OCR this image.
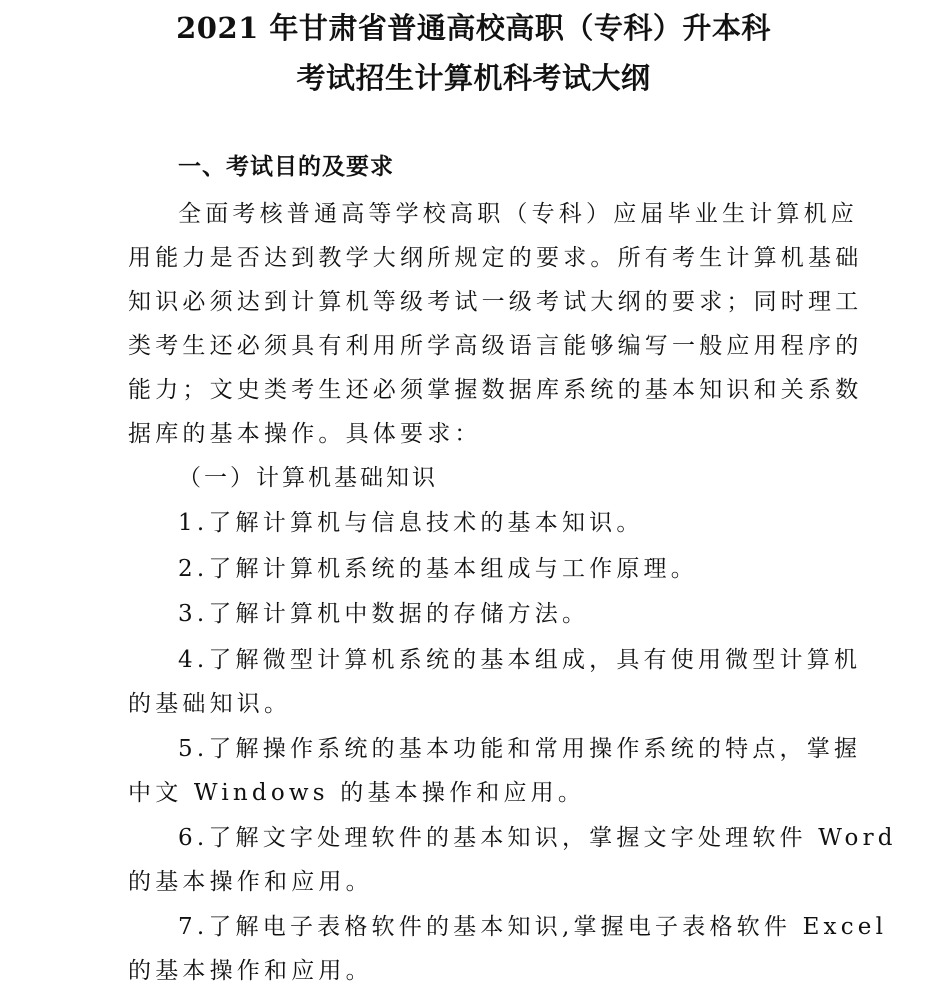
2021 年甘肃省普通高校高职（专科）升本科
考试招生计算机科考试大纲
一、考试目的及要求
全面考核普通高等学校高职（专科）应届毕业生计算机应
用能力是否达到教学大纲所规定的要求。所有考生计算机基础
知识必须达到计算机等级考试一级考试大纲的要求；同时理工
类考生还必须具有利用所学高级语言能够编写一般应用程序的
能力；文史类考生还必须掌握数据库系统的基本知识和关系数
据库的基本操作。具体要求：
（一）计算机基础知识
1.了解计算机与信息技术的基本知识。
2.了解计算机系统的基本组成与工作原理。
3.了解计算机中数据的存储方法。
4.了解微型计算机系统的基本组成，具有使用微型计算机
的基础知识。
5.了解操作系统的基本功能和常用操作系统的特点，掌握
中文 Windows 的基本操作和应用。
6.了解文字处理软件的基本知识，掌握文字处理软件 Word
的基本操作和应用。
7.了解电子表格软件的基本知识,掌握电子表格软件 Excel
的基本操作和应用。
